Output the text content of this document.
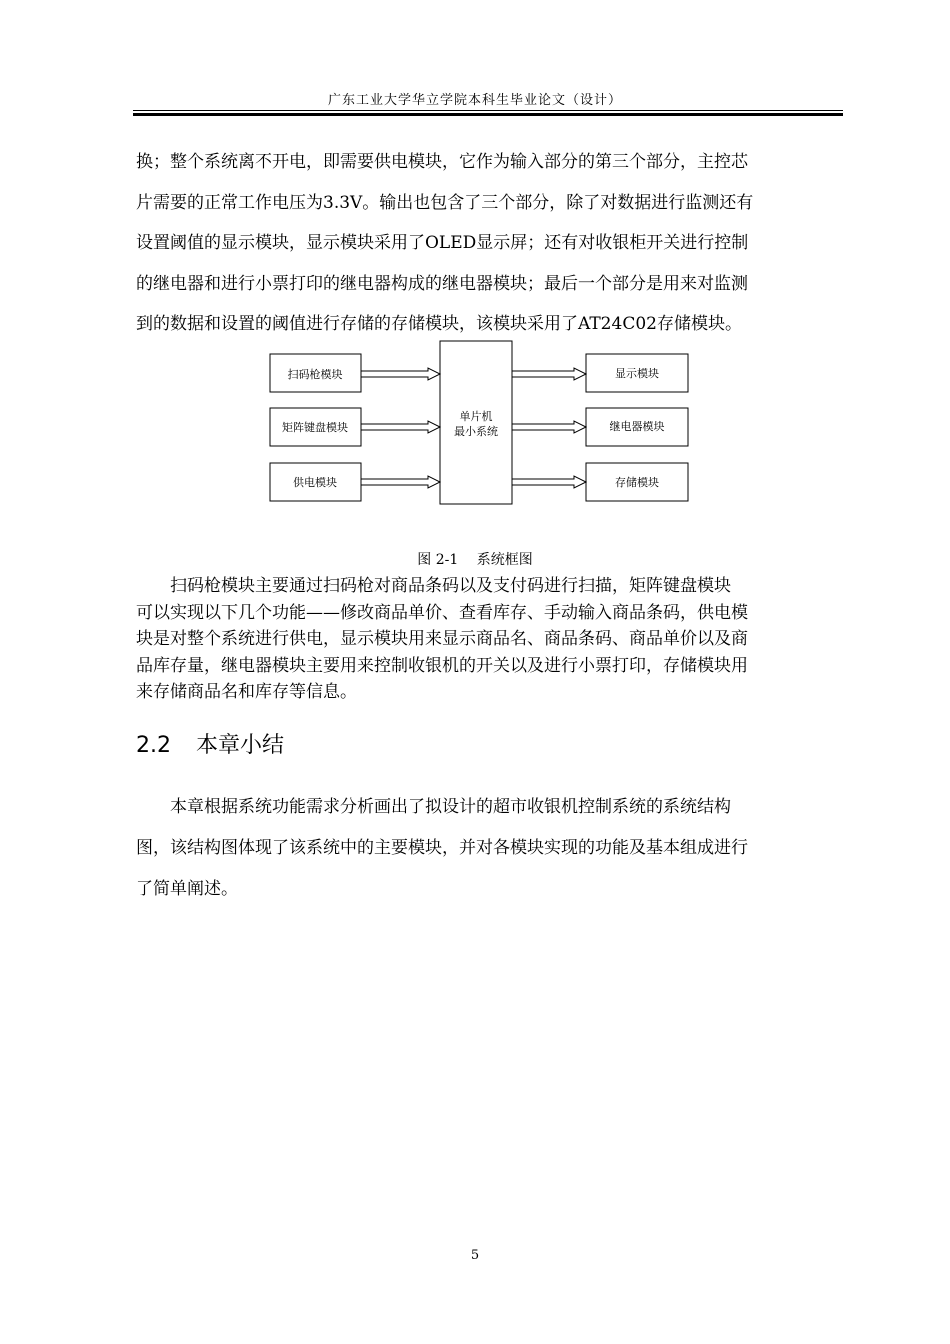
广东工业大学华立学院本科生毕业论文（设计）

换；整个系统离不开电，即需要供电模块，它作为输入部分的第三个部分，主控芯
片需要的正常工作电压为3.3V。输出也包含了三个部分，除了对数据进行监测还有
设置阈值的显示模块，显示模块采用了OLED显示屏；还有对收银柜开关进行控制
的继电器和进行小票打印的继电器构成的继电器模块；最后一个部分是用来对监测
到的数据和设置的阈值进行存储的存储模块，该模块采用了AT24C02存储模块。

扫码枪模块
矩阵键盘模块
供电模块
单片机
最小系统
显示模块
继电器模块
存储模块
图 2-1　 系统框图

　　扫码枪模块主要通过扫码枪对商品条码以及支付码进行扫描，矩阵键盘模块
可以实现以下几个功能——修改商品单价、查看库存、手动输入商品条码，供电模
块是对整个系统进行供电，显示模块用来显示商品名、商品条码、商品单价以及商
品库存量，继电器模块主要用来控制收银机的开关以及进行小票打印，存储模块用
来存储商品名和库存等信息。

2.2 本章小结

　　本章根据系统功能需求分析画出了拟设计的超市收银机控制系统的系统结构
图，该结构图体现了该系统中的主要模块，并对各模块实现的功能及基本组成进行
了简单阐述。

5
